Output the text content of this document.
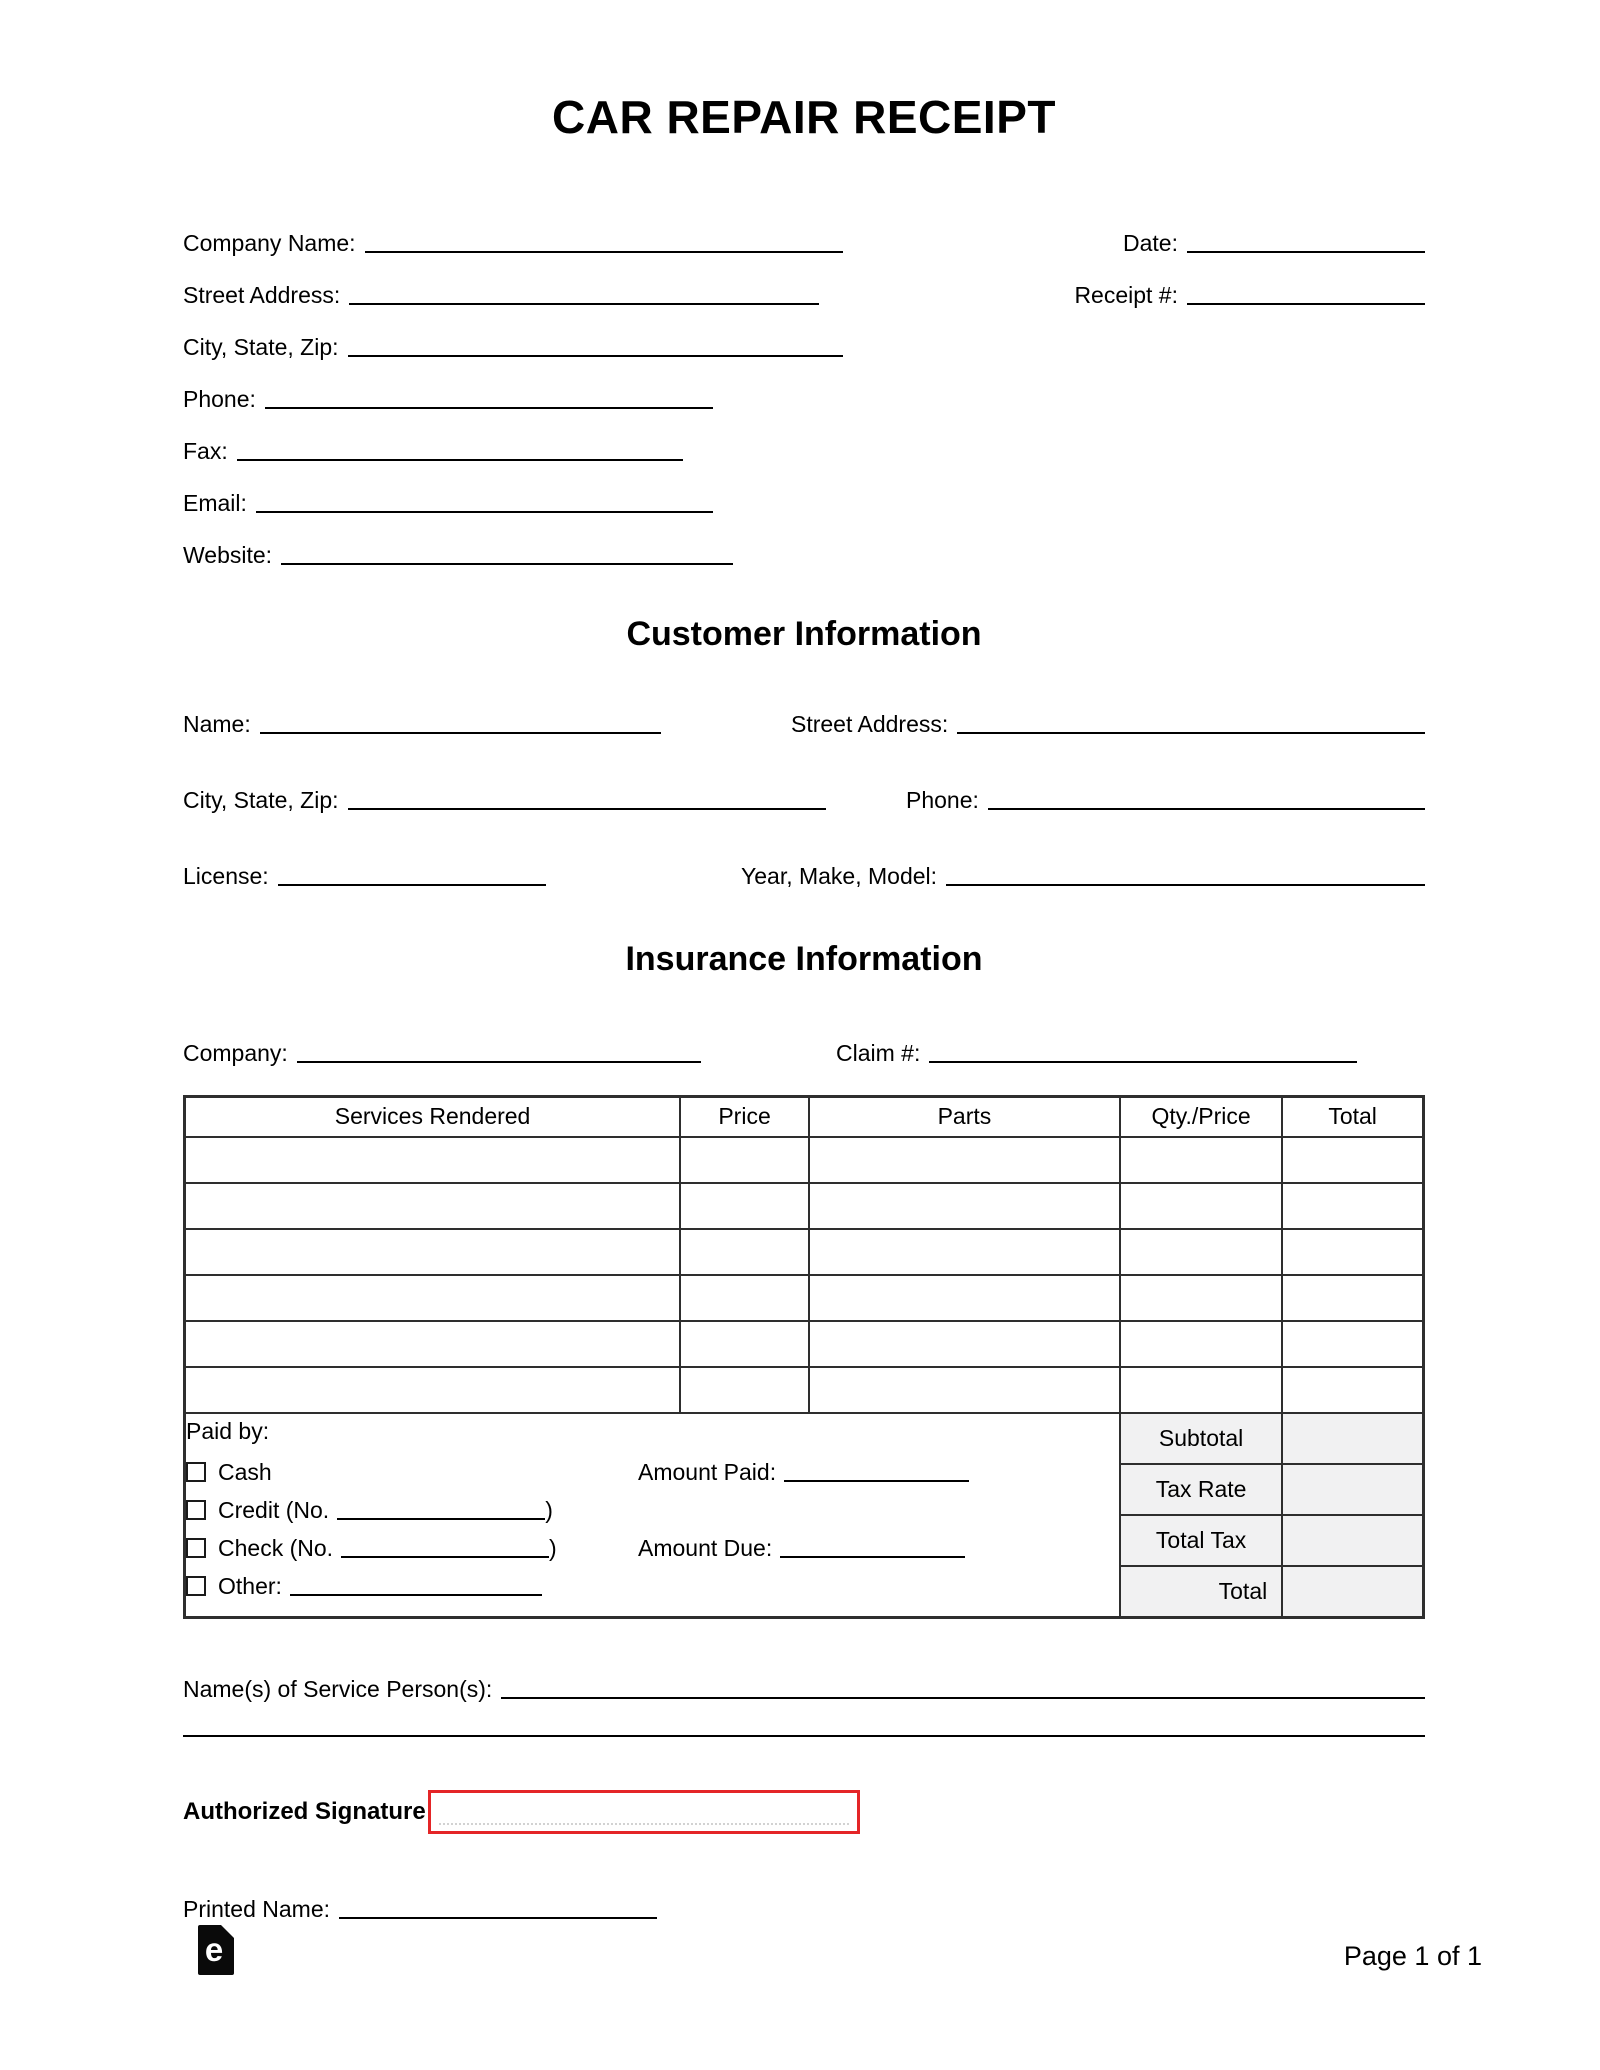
CAR REPAIR RECEIPT
Company Name:
Street Address:
City, State, Zip:
Phone:
Fax:
Email:
Website:
Date:
Receipt #:
Customer Information
Name:	Street Address:
City, State, Zip:	Phone:
License:	Year, Make, Model:
Insurance Information
Company:	Claim #:
Services Rendered	Price	Parts	Qty./Price	Total

Paid by:
Cash	Amount Paid:
Credit (No.	)
Check (No.	)	Amount Due:
Other:
	Subtotal	
			Tax Rate	
			Total Tax	
			Total	
Name(s) of Service Person(s):
Authorized Signature
Printed Name:
e	Page 1 of 1
